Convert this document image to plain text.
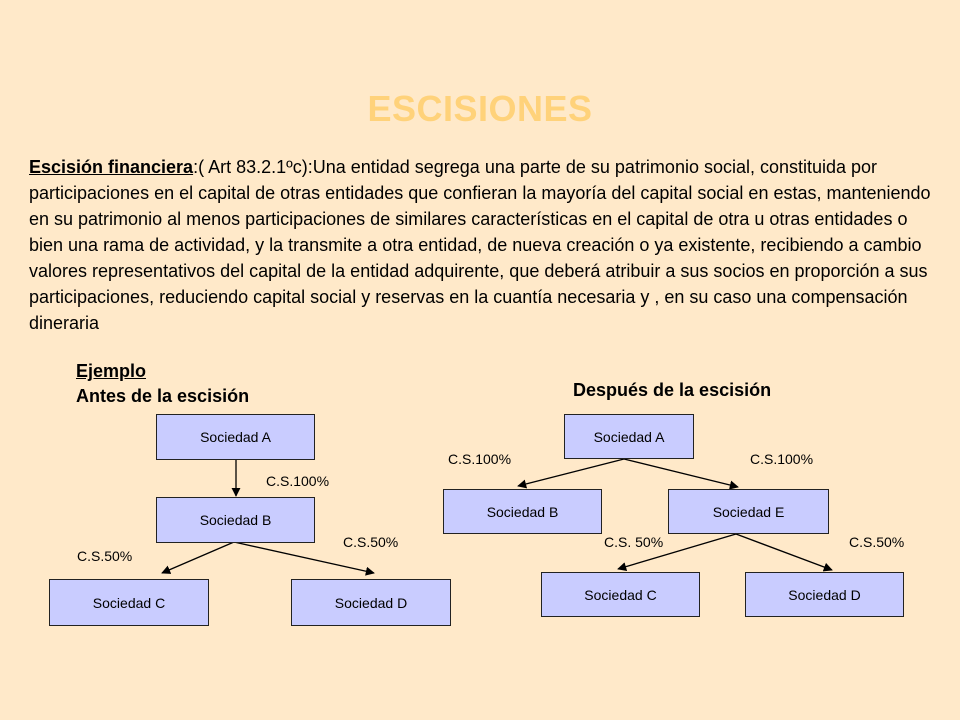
ESCISIONES

Escisión financiera:( Art 83.2.1ºc):Una entidad segrega una parte de su patrimonio social, constituida por participaciones en el capital de otras entidades que confieran la mayoría del capital social en estas, manteniendo en su patrimonio al menos participaciones de similares características en el capital de otra u otras entidades o bien una rama de actividad, y la transmite a otra entidad, de nueva creación o ya existente, recibiendo a cambio valores representativos del capital de la entidad adquirente, que deberá atribuir a sus socios en proporción a sus participaciones, reduciendo capital social y reservas en la cuantía necesaria y , en su caso una compensación dineraria

Ejemplo
Antes de la escisión	Después de la escisión
Sociedad A
Sociedad B
Sociedad C	Sociedad D
C.S.100%
C.S.50%
C.S.50%
Sociedad A
Sociedad B	Sociedad E
Sociedad C	Sociedad D
C.S.100%	C.S.100%
C.S. 50%	C.S.50%
